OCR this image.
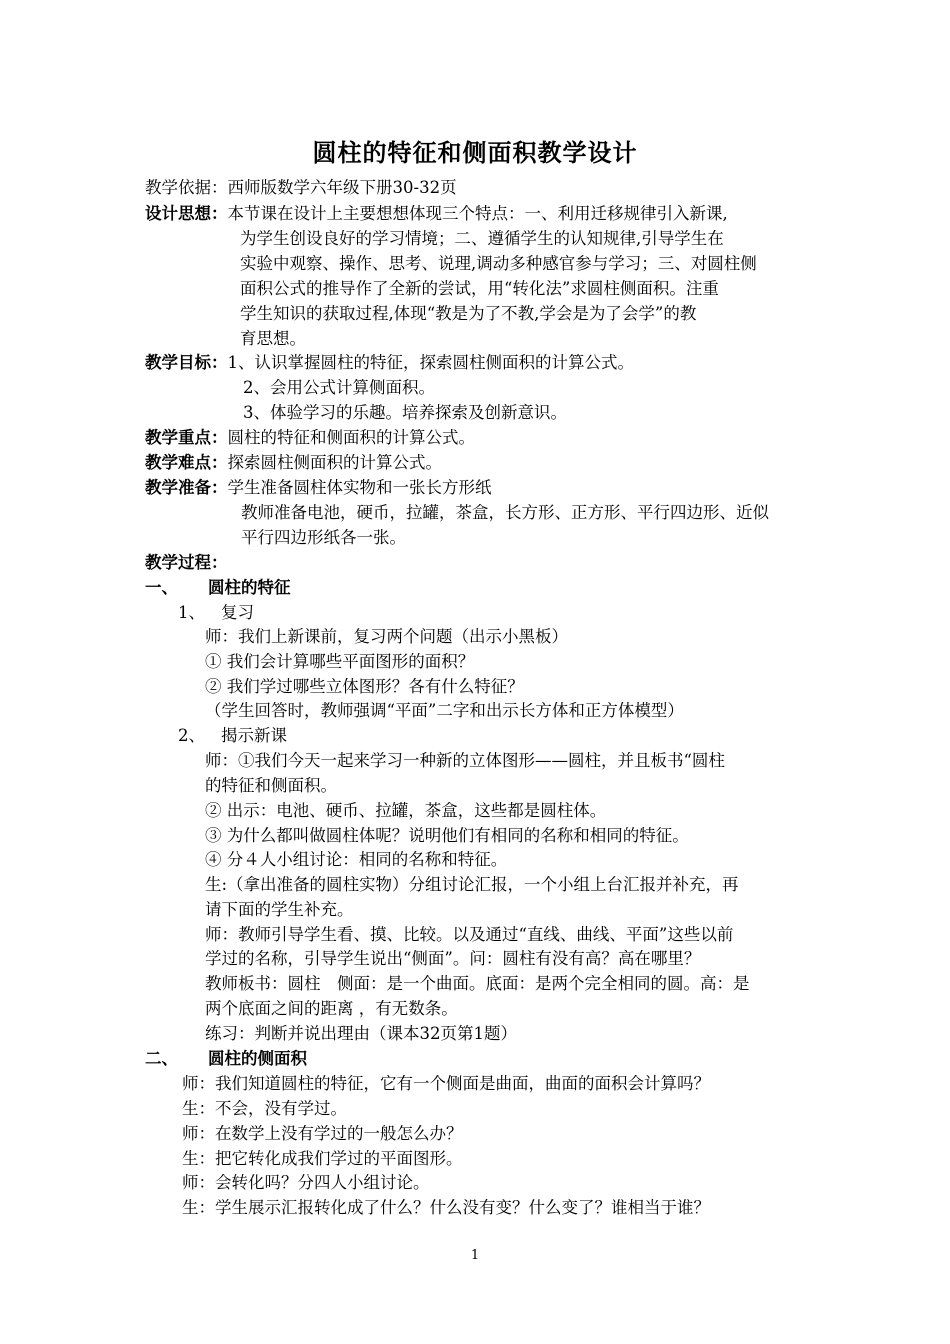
圆柱的特征和侧面积教学设计
教学依据：西师版数学六年级下册30-32页
设计思想：本节课在设计上主要想想体现三个特点：一、利用迁移规律引入新课,
为学生创设良好的学习情境；二、遵循学生的认知规律,引导学生在
实验中观察、操作、思考、说理,调动多种感官参与学习；三、对圆柱侧
面积公式的推导作了全新的尝试，用“转化法”求圆柱侧面积。注重
学生知识的获取过程,体现“教是为了不教,学会是为了会学”的教
育思想。
教学目标：1、认识掌握圆柱的特征，探索圆柱侧面积的计算公式。
2、会用公式计算侧面积。
3、体验学习的乐趣。培养探索及创新意识。
教学重点：圆柱的特征和侧面积的计算公式。
教学难点：探索圆柱侧面积的计算公式。
教学准备：学生准备圆柱体实物和一张长方形纸
教师准备电池，硬币，拉罐，茶盒，长方形、正方形、平行四边形、近似
平行四边形纸各一张。
教学过程：
一、 圆柱的特征
1、 复习
师：我们上新课前，复习两个问题（出示小黑板）
① 我们会计算哪些平面图形的面积？
② 我们学过哪些立体图形？各有什么特征？
（学生回答时，教师强调“平面”二字和出示长方体和正方体模型）
2、 揭示新课
师：①我们今天一起来学习一种新的立体图形——圆柱，并且板书“圆柱
的特征和侧面积。
② 出示：电池、硬币、拉罐，茶盒，这些都是圆柱体。
③ 为什么都叫做圆柱体呢？说明他们有相同的名称和相同的特征。
④ 分４人小组讨论：相同的名称和特征。
生:（拿出准备的圆柱实物）分组讨论汇报，一个小组上台汇报并补充，再
请下面的学生补充。
师：教师引导学生看、摸、比较。以及通过“直线、曲线、平面”这些以前
学过的名称，引导学生说出“侧面”。问：圆柱有没有高？高在哪里？
教师板书：圆柱　侧面：是一个曲面。底面：是两个完全相同的圆。高：是
两个底面之间的距离 ，有无数条。
练习：判断并说出理由（课本32页第1题）
二、 圆柱的侧面积
师：我们知道圆柱的特征，它有一个侧面是曲面，曲面的面积会计算吗？
生：不会，没有学过。
师：在数学上没有学过的一般怎么办？
生：把它转化成我们学过的平面图形。
师：会转化吗？分四人小组讨论。
生：学生展示汇报转化成了什么？什么没有变？什么变了？谁相当于谁？
1
